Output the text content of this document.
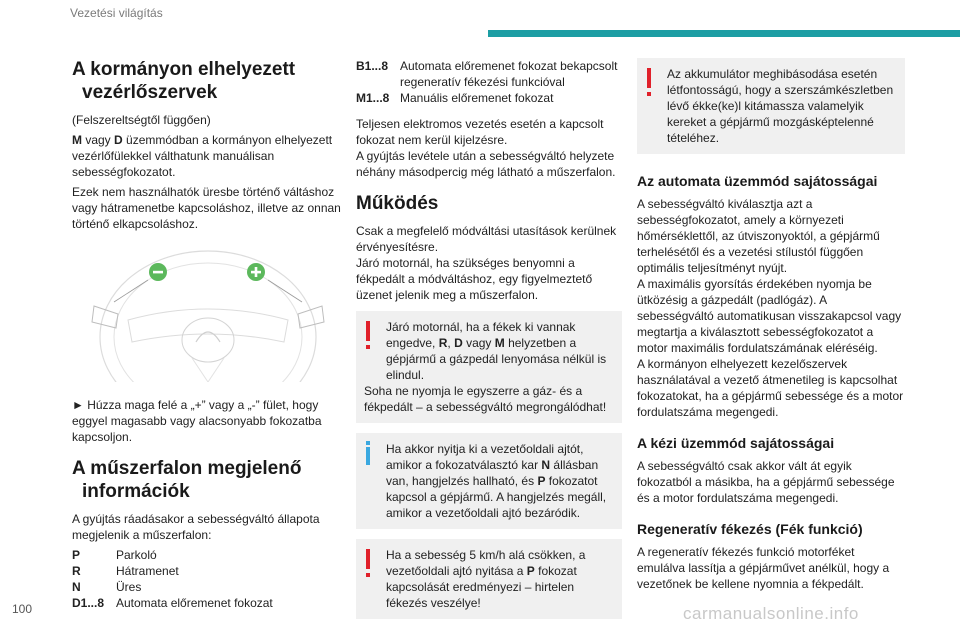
Vezetési világítás
A kormányon elhelyezett
vezérlőszervek

(Felszereltségtől függően)

M vagy D üzemmódban a kormányon elhelyezett vezérlőfülekkel válthatunk manuálisan sebességfokozatot.

Ezek nem használhatók üresbe történő váltáshoz vagy hátramenetbe kapcsoláshoz, illetve az onnan történő elkapcsoláshoz.

► Húzza maga felé a „+” vagy a „-” fület, hogy eggyel magasabb vagy alacsonyabb fokozatba kapcsoljon.

A műszerfalon megjelenő
információk

A gyújtás ráadásakor a sebességváltó állapota megjelenik a műszerfalon:

P	Parkoló
R	Hátramenet
N	Üres
D1...8 Automata előremenet fokozat
B1...8 Automata előremenet fokozat bekapcsolt regeneratív fékezési funkcióval
M1...8 Manuális előremenet fokozat

Teljesen elektromos vezetés esetén a kapcsolt fokozat nem kerül kijelzésre.

A gyújtás levétele után a sebességváltó helyzete néhány másodpercig még látható a műszerfalon.

Működés

Csak a megfelelő módváltási utasítások kerülnek érvényesítésre.

Járó motornál, ha szükséges benyomni a fékpedált a módváltáshoz, egy figyelmeztető üzenet jelenik meg a műszerfalon.

Járó motornál, ha a fékek ki vannak engedve, R, D vagy M helyzetben a gépjármű a gázpedál lenyomása nélkül is elindul.
Soha ne nyomja le egyszerre a gáz- és a fékpedált – a sebességváltó megrongálódhat!
Ha akkor nyitja ki a vezetőoldali ajtót, amikor a fokozatválasztó kar N állásban van, hangjelzés hallható, és P fokozatot kapcsol a gépjármű. A hangjelzés megáll, amikor a vezetőoldali ajtó bezáródik.
Ha a sebesség 5 km/h alá csökken, a vezetőoldali ajtó nyitása a P fokozat kapcsolását eredményezi – hirtelen fékezés veszélye!
Az akkumulátor meghibásodása esetén létfontosságú, hogy a szerszámkészletben lévő ékke(ke)l kitámassza valamelyik kereket a gépjármű mozgásképtelenné tételéhez.
Az automata üzemmód sajátosságai

A sebességváltó kiválasztja azt a sebességfokozatot, amely a környezeti hőmérséklettől, az útviszonyoktól, a gépjármű terhelésétől és a vezetési stílustól függően optimális teljesítményt nyújt.

A maximális gyorsítás érdekében nyomja be ütközésig a gázpedált (padlógáz). A sebességváltó automatikusan visszakapcsol vagy megtartja a kiválasztott sebességfokozatot a motor maximális fordulatszámának eléréséig.

A kormányon elhelyezett kezelőszervek használatával a vezető átmenetileg is kapcsolhat fokozatokat, ha a gépjármű sebessége és a motor fordulatszáma megengedi.

A kézi üzemmód sajátosságai

A sebességváltó csak akkor vált át egyik fokozatból a másikba, ha a gépjármű sebessége és a motor fordulatszáma megengedi.

Regeneratív fékezés (Fék funkció)

A regeneratív fékezés funkció motorféket emulálva lassítja a gépjárművet anélkül, hogy a vezetőnek be kellene nyomnia a fékpedált.

100	carmanualsonline.info
